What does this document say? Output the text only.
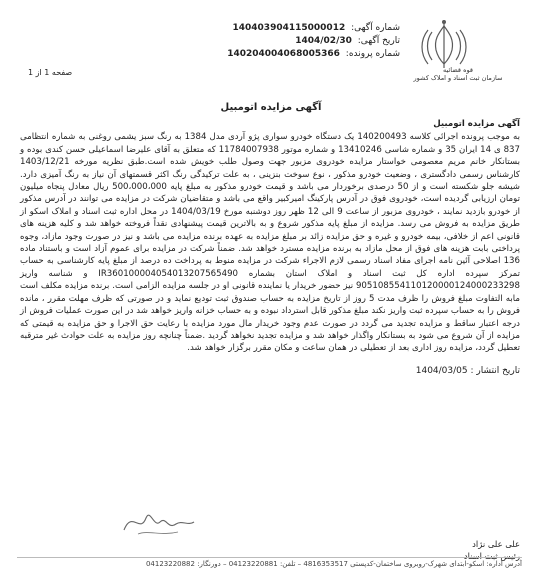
شماره آگهی: 140403904115000012
تاریخ آگهی: 1404/02/30
شماره پرونده: 140204004068005366
قوه قضائیه
سازمان ثبت اسناد و املاک کشور
صفحه 1 از 1
آگهی مزایده اتومبیل

آگهی مزایده اتومبیل

به موجب پرونده اجرائی کلاسه 140200493 یک دستگاه خودرو سواری پژو آردی مدل 1384 به رنگ سبز یشمی روغنی به شماره انتظامی 837 ی 14 ایران 35 و شماره شاسی 13410246 و شماره موتور 11784007938 که متعلق به آقای علیرضا اسماعیلی حسن کندی بوده و بستانکار خانم مریم معصومی خواستار مزایده خودروی مزبور جهت وصول طلب خویش شده است.طبق نظریه مورخه 1403/12/21 کارشناس رسمی دادگستری ، وضعیت خودرو مذکور ، نوع سوخت بنزینی ، به علت ترکیدگی رنگ اکثر قسمتهای آن نیاز به رنگ آمیزی دارد. شیشه جلو شکسته است و از 50 درصدی برخوردار می باشد و قیمت خودرو مذکور به مبلغ پایه 500،000،000 ریال معادل پنجاه میلیون تومان ارزیابی گردیده است، خودروی فوق در آدرس پارکینگ امیرکبیر واقع می باشد و متقاضیان شرکت در مزایده می توانند در آدرس مذکور از خودرو بازدید نمایند ، خودروی مزبور از ساعت 9 الی 12 ظهر روز دوشنبه مورخ 1404/03/19 در محل اداره ثبت اسناد و املاک اسکو از طریق مزایده به فروش می رسد. مزایده از مبلغ پایه مذکور شروع و به بالاترین قیمت پیشنهادی نقداً فروخته خواهد شد و کلیه هزینه های قانونی اعم از خلافی، بیمه خودرو و غیره و حق مزایده زائد بر مبلغ مزایده به عهده برنده مزایده می باشد و نیز در صورت وجود مازاد، وجوه پرداختی بابت هزینه های فوق از محل مازاد به برنده مزایده مسترد خواهد شد. ضمناً شرکت در مزایده برای عموم آزاد است و باستناد ماده 136 اصلاحی آئین نامه اجرای مفاد اسناد رسمی لازم الاجراء شرکت در مزایده منوط به پرداخت ده درصد از مبلغ پایه کارشناسی به حساب تمرکز سپرده اداره کل ثبت اسناد و املاک استان بشماره IR360100004054013207565490 و شناسه واریز 905108554110120000124000233298 نیز حضور خریدار یا نماینده قانونی او در جلسه مزایده الزامی است. برنده مزایده مکلف است مابه التفاوت مبلغ فروش را ظرف مدت 5 روز از تاریخ مزایده به حساب صندوق ثبت تودیع نماید و در صورتی که ظرف مهلت مقرر ، مانده فروش را به حساب سپرده ثبت واریز نکند مبلغ مذکور قابل استرداد نبوده و به حساب خزانه واریز خواهد شد در این صورت عملیات فروش از درجه اعتبار ساقط و مزایده تجدید می گردد در صورت عدم وجود خریدار مال مورد مزایده با رعایت حق الاجرا و حق مزایده به قیمتی که مزایده از آن شروع می شود به بستانکار واگذار خواهد شد و مزایده تجدید نخواهد گردید .ضمناً چنانچه روز مزایده به علت حوادث غیر مترقبه تعطیل گردد، مزایده روز اداری بعد از تعطیلی در همان ساعت و مکان مقرر برگزار خواهد شد.

تاریخ انتشار : 1404/03/05
علی علی نژاد
رئیس ثبت اسناد
آدرس اداره: اسکو-ابتدای شهرک-روبروی ساختمان-کدپستی 4816353517 – تلفن: 04123220881 – دورنگار: 04123220882
